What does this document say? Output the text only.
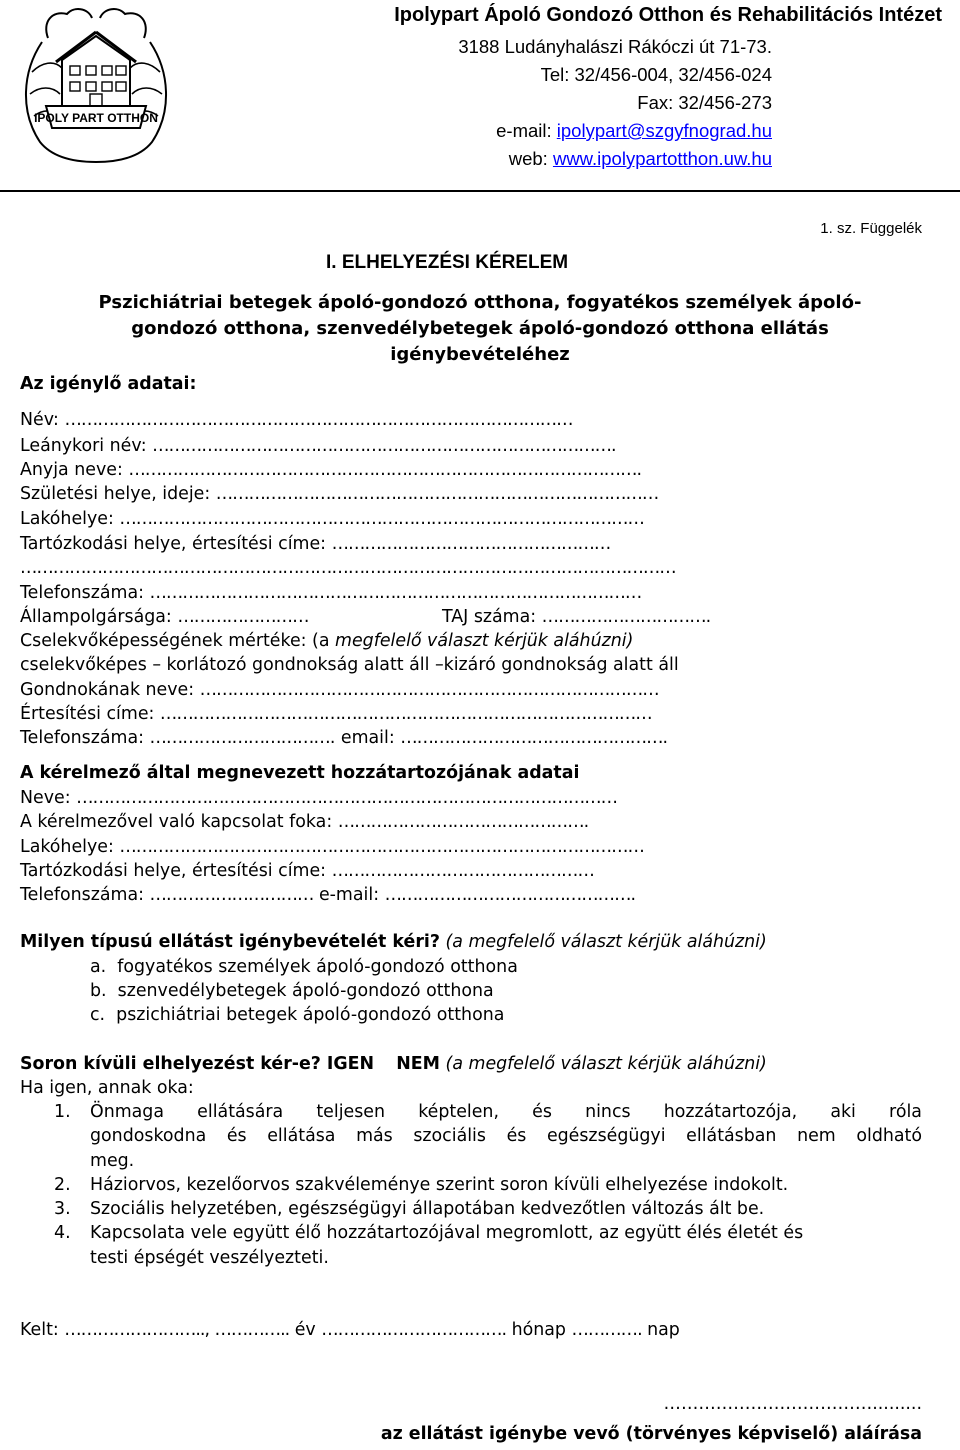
IPOLY PART OTTHON
Ipolypart Ápoló Gondozó Otthon és Rehabilitációs Intézet
3188 Ludányhalászi Rákóczi út 71-73.
Tel: 32/456-004, 32/456-024
Fax: 32/456-273
e-mail: ipolypart@szgyfnograd.hu
web: www.ipolypartotthon.uw.hu
1. sz. Függelék
I. ELHELYEZÉSI KÉRELEM
Pszichiátriai betegek ápoló-gondozó otthona, fogyatékos személyek ápoló-
gondozó otthona, szenvedélybetegek ápoló-gondozó otthona ellátás
igénybevételéhez
Az igénylő adatai:
Név: …………………………………………………………………………………
Leánykori név: ………………………………………………………………………….
Anyja neve: ………………………………………………………………………………….
Születési helye, ideje: ………………………………………………………………………
Lakóhelye: ……………………………………………………………………………………
Tartózkodási helye, értesítési címe: ……………………………………………
…………………………………………………………………………………………………………
Telefonszáma: ………………………………………………………………………………
Állampolgársága: ……………………	TAJ száma: ………………………….
Cselekvőképességének mértéke: (a megfelelő választ kérjük aláhúzni)
cselekvőképes – korlátozó gondnokság alatt áll –kizáró gondnokság alatt áll
Gondnokának neve: …………………………………………………………………………
Értesítési címe: ………………………………………………………………………………
Telefonszáma: ……………………………. email: ………………………………………….
A kérelmező által megnevezett hozzátartozójának adatai
Neve: ………………………………………………………………………………………
A kérelmezővel való kapcsolat foka: ……………………………………….
Lakóhelye: ……………………………………………………………………………………
Tartózkodási helye, értesítési címe: …………………………………………
Telefonszáma: ………………………… e-mail: ……………………………………….
Milyen típusú ellátást igénybevételét kéri? (a megfelelő választ kérjük aláhúzni)
a. fogyatékos személyek ápoló-gondozó otthona
b. szenvedélybetegek ápoló-gondozó otthona
c. pszichiátriai betegek ápoló-gondozó otthona
Soron kívüli elhelyezést kér-e? IGEN NEM (a megfelelő választ kérjük aláhúzni)
Ha igen, annak oka:
1. Önmaga ellátására teljesen képtelen, és nincs hozzátartozója, aki róla
gondoskodna és ellátása más szociális és egészségügyi ellátásban nem oldható
meg.
2. Háziorvos, kezelőorvos szakvéleménye szerint soron kívüli elhelyezése indokolt.
3. Szociális helyzetében, egészségügyi állapotában kedvezőtlen változás ált be.
4. Kapcsolata vele együtt élő hozzátartozójával megromlott, az együtt élés életét és
testi épségét veszélyezteti.
Kelt: …………………….., ………….. év ……………………………. hónap …………. nap
……………………………….........
az ellátást igénybe vevő (törvényes képviselő) aláírása
